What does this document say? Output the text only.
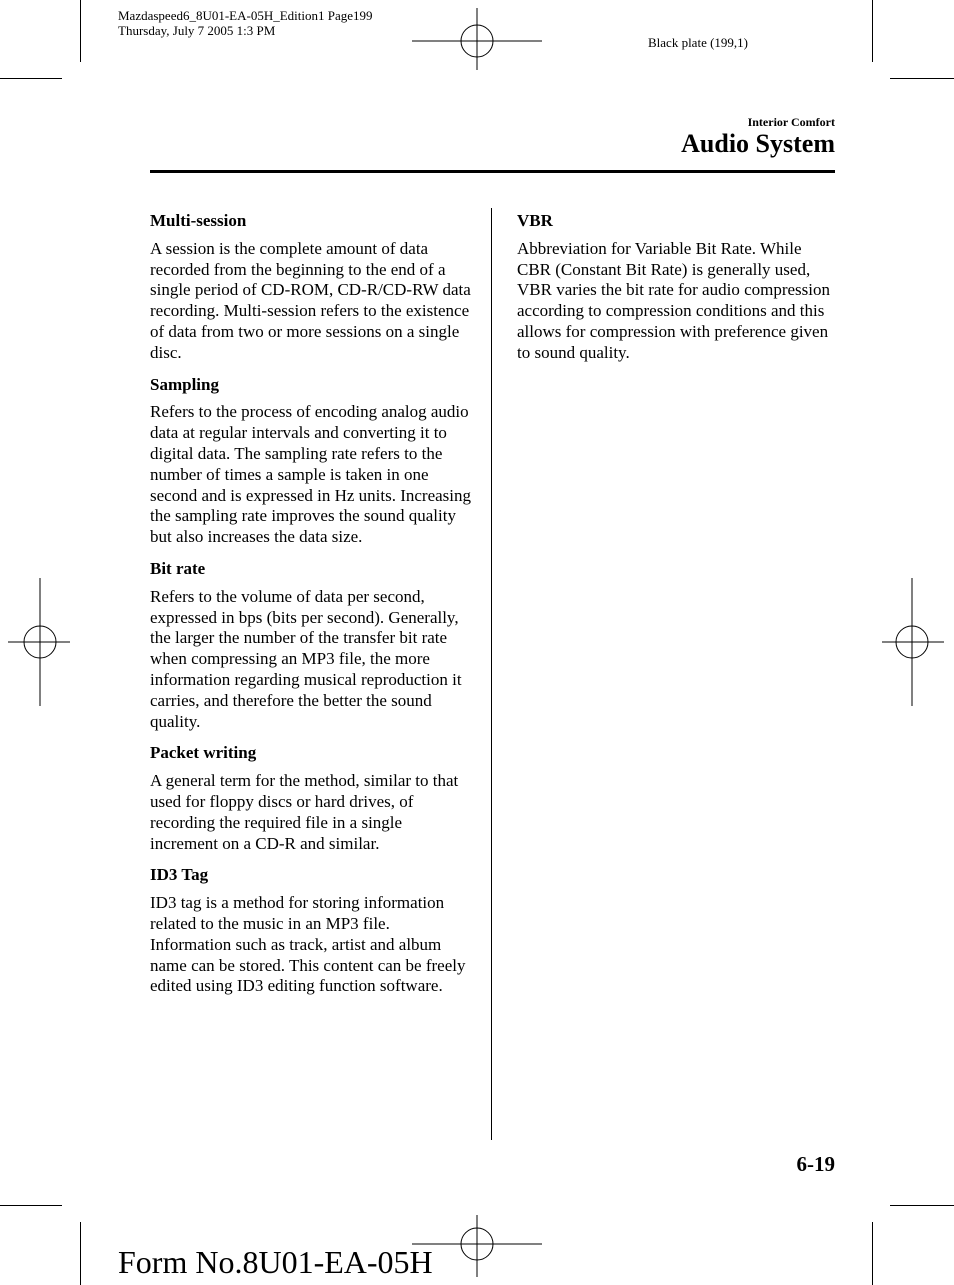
Mazdaspeed6_8U01-EA-05H_Edition1 Page199
Thursday, July 7 2005 1:3 PM
Black plate (199,1)
Interior Comfort
Audio System
Multi-session

A session is the complete amount of data recorded from the beginning to the end of a single period of CD-ROM, CD-R/CD-RW data recording. Multi-session refers to the existence of data from two or more sessions on a single disc.

Sampling

Refers to the process of encoding analog audio data at regular intervals and converting it to digital data. The sampling rate refers to the number of times a sample is taken in one second and is expressed in Hz units. Increasing the sampling rate improves the sound quality but also increases the data size.

Bit rate

Refers to the volume of data per second, expressed in bps (bits per second). Generally, the larger the number of the transfer bit rate when compressing an MP3 file, the more information regarding musical reproduction it carries, and therefore the better the sound quality.

Packet writing

A general term for the method, similar to that used for floppy discs or hard drives, of recording the required file in a single increment on a CD-R and similar.

ID3 Tag

ID3 tag is a method for storing information related to the music in an MP3 file. Information such as track, artist and album name can be stored. This content can be freely edited using ID3 editing function software.

VBR

Abbreviation for Variable Bit Rate. While CBR (Constant Bit Rate) is generally used, VBR varies the bit rate for audio compression according to compression conditions and this allows for compression with preference given to sound quality.

6-19
Form No.8U01-EA-05H
